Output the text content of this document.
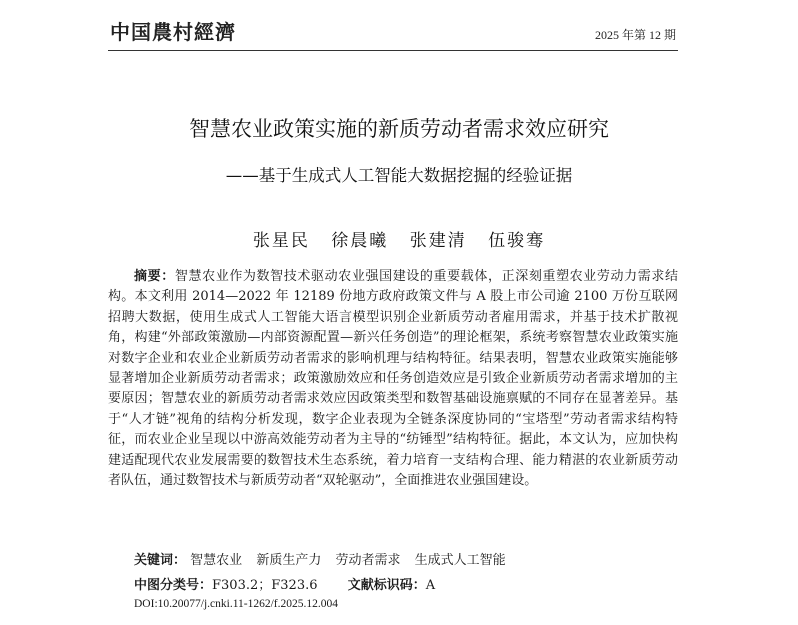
中国農村經濟	2025 年第 12 期
智慧农业政策实施的新质劳动者需求效应研究
——基于生成式人工智能大数据挖掘的经验证据
张星民 徐晨曦 张建清 伍骏骞
摘要：智慧农业作为数智技术驱动农业强国建设的重要载体，正深刻重塑农业劳动力需求结构。本文利用 2014—2022 年 12189 份地方政府政策文件与 A 股上市公司逾 2100 万份互联网招聘大数据，使用生成式人工智能大语言模型识别企业新质劳动者雇用需求，并基于技术扩散视角，构建“外部政策激励—内部资源配置—新兴任务创造”的理论框架，系统考察智慧农业政策实施对数字企业和农业企业新质劳动者需求的影响机理与结构特征。结果表明，智慧农业政策实施能够显著增加企业新质劳动者需求；政策激励效应和任务创造效应是引致企业新质劳动者需求增加的主要原因；智慧农业的新质劳动者需求效应因政策类型和数智基础设施禀赋的不同存在显著差异。基于“人才链”视角的结构分析发现，数字企业表现为全链条深度协同的“宝塔型”劳动者需求结构特征，而农业企业呈现以中游高效能劳动者为主导的“纺锤型”结构特征。据此，本文认为，应加快构建适配现代农业发展需要的数智技术生态系统，着力培育一支结构合理、能力精湛的农业新质劳动者队伍，通过数智技术与新质劳动者“双轮驱动”，全面推进农业强国建设。
关键词： 智慧农业 新质生产力 劳动者需求 生成式人工智能
中图分类号：F303.2；F323.6 文献标识码：A
DOI:10.20077/j.cnki.11-1262/f.2025.12.004
